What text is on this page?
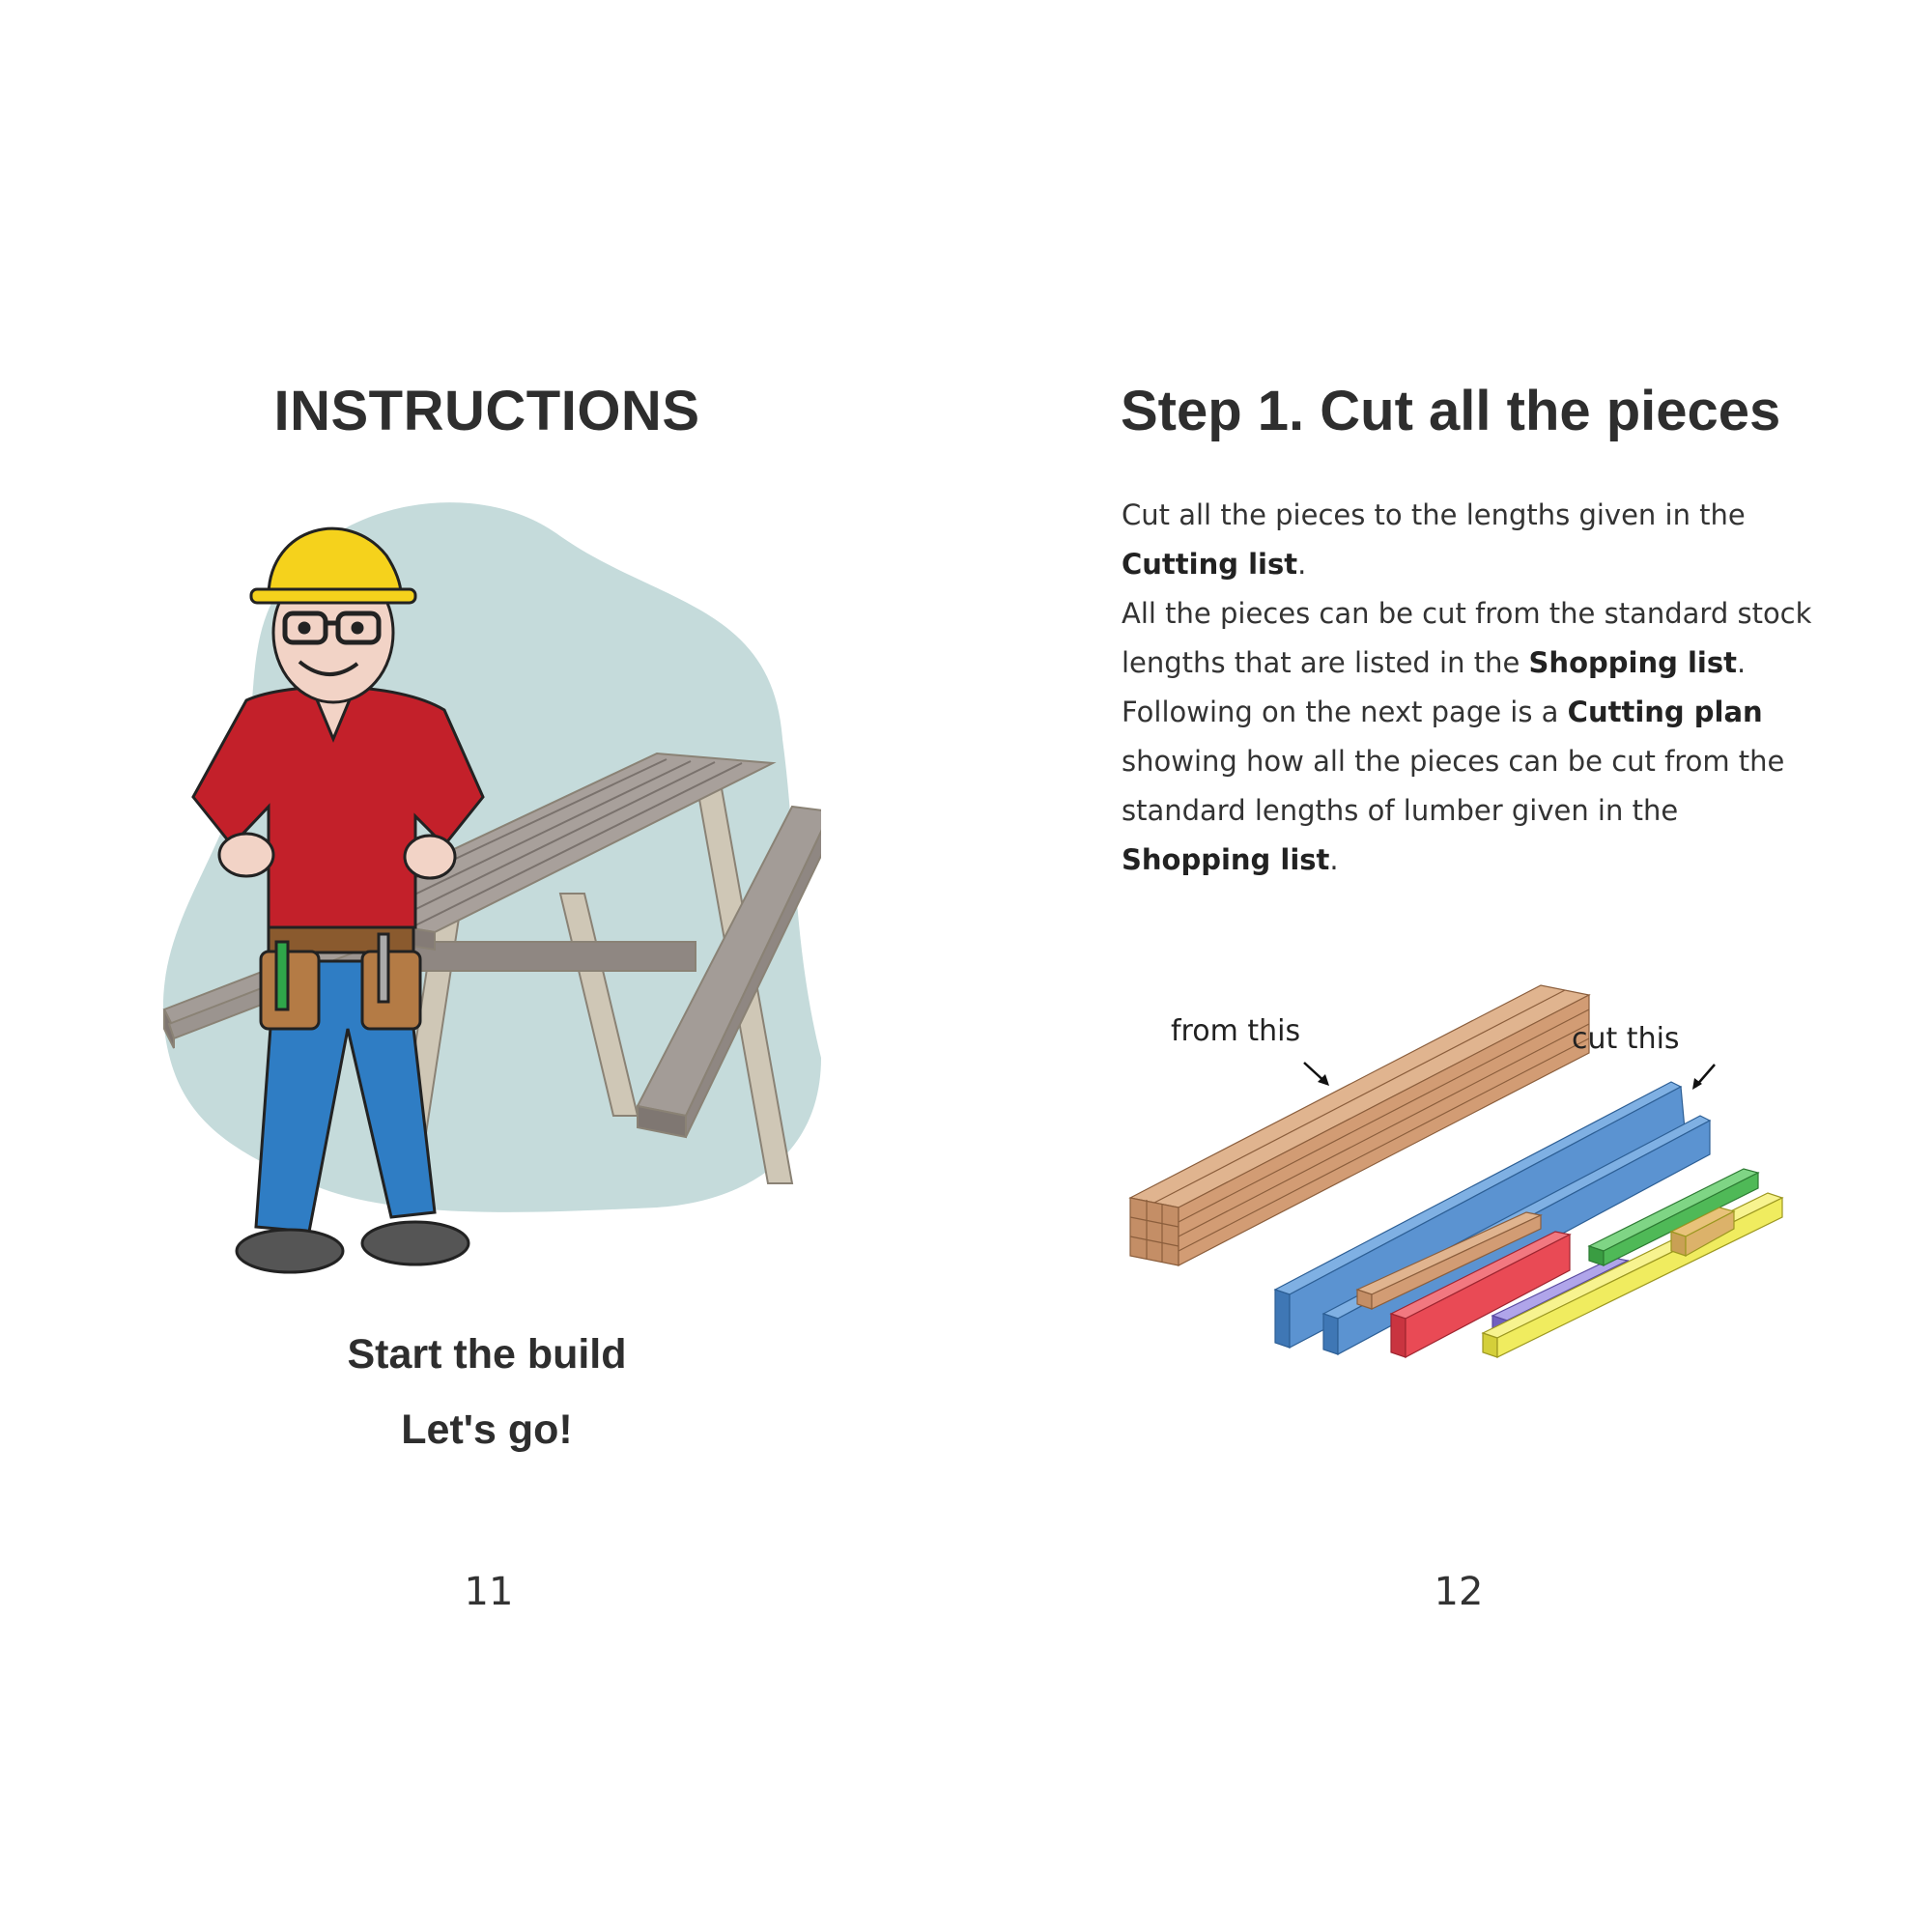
INSTRUCTIONS

Start the build

Let's go!

11
Step 1. Cut all the pieces

Cut all the pieces to the lengths given in the Cutting list.

All the pieces can be cut from the standard stock lengths that are listed in the Shopping list.

Following on the next page is a Cutting plan showing how all the pieces can be cut from the standard lengths of lumber given in the
Shopping list.

from this	cut this
12
